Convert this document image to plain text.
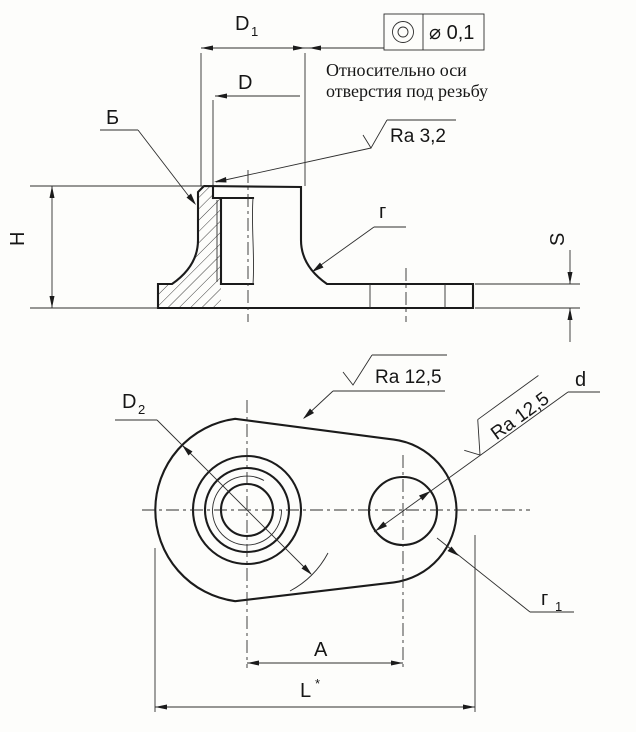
D 1
D
H	S
Б
г
Ra 3,2
⌀ 0,1
Относительно оси
отверстия под резьбу
D 2
d
Ra 12,5
Ra 12,5
г 1
A
L *
